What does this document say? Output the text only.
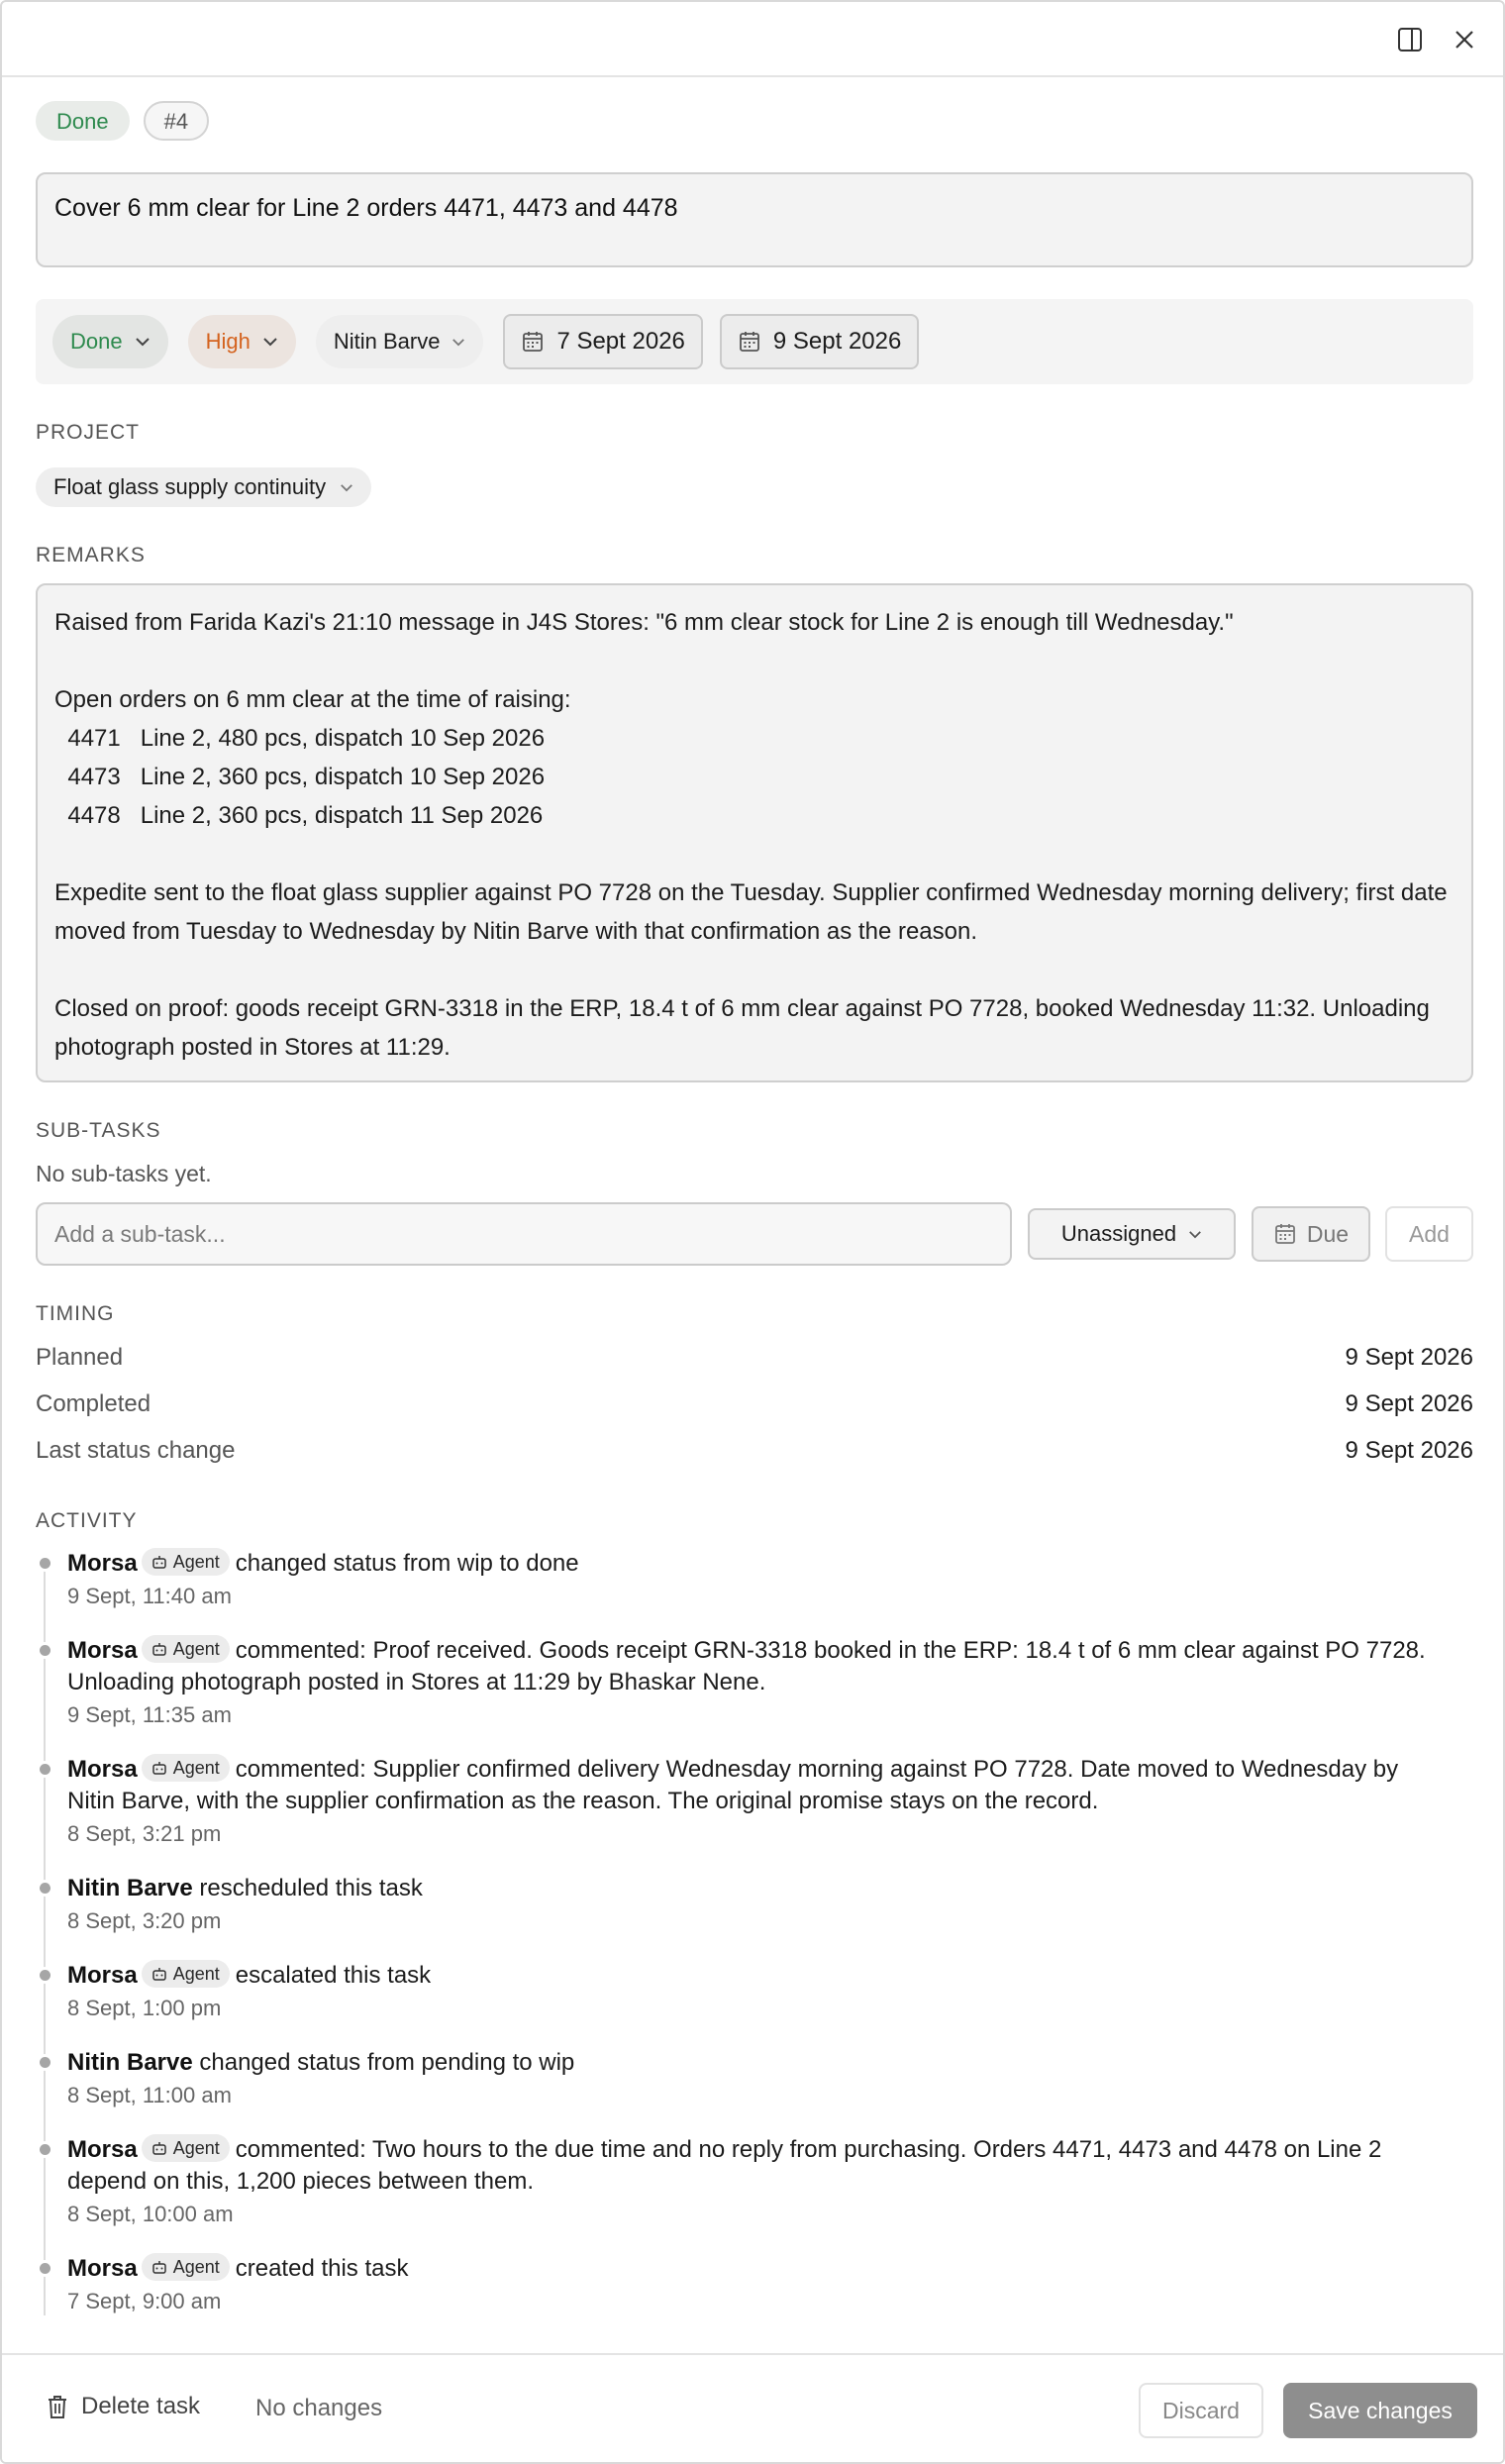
Done	#4
Cover 6 mm clear for Line 2 orders 4471, 4473 and 4478
Done	High	Nitin Barve	7 Sept 2026	9 Sept 2026
PROJECT
Float glass supply continuity
REMARKS
Raised from Farida Kazi's 21:10 message in J4S Stores: "6 mm clear stock for Line 2 is enough till Wednesday."

Open orders on 6 mm clear at the time of raising:
4471   Line 2, 480 pcs, dispatch 10 Sep 2026
4473   Line 2, 360 pcs, dispatch 10 Sep 2026
4478   Line 2, 360 pcs, dispatch 11 Sep 2026

Expedite sent to the float glass supplier against PO 7728 on the Tuesday. Supplier confirmed Wednesday morning delivery; first date moved from Tuesday to Wednesday by Nitin Barve with that confirmation as the reason.

Closed on proof: goods receipt GRN-3318 in the ERP, 18.4 t of 6 mm clear against PO 7728, booked Wednesday 11:32. Unloading photograph posted in Stores at 11:29.
SUB-TASKS
No sub-tasks yet.
Add a sub-task...
Unassigned	Due	Add
TIMING
Planned	9 Sept 2026
Completed	9 Sept 2026
Last status change	9 Sept 2026
ACTIVITY
Morsa Agent changed status from wip to done
9 Sept, 11:40 am
Morsa Agent commented: Proof received. Goods receipt GRN-3318 booked in the ERP: 18.4 t of 6 mm clear against PO 7728. Unloading photograph posted in Stores at 11:29 by Bhaskar Nene.
9 Sept, 11:35 am
Morsa Agent commented: Supplier confirmed delivery Wednesday morning against PO 7728. Date moved to Wednesday by Nitin Barve, with the supplier confirmation as the reason. The original promise stays on the record.
8 Sept, 3:21 pm
Nitin Barve rescheduled this task
8 Sept, 3:20 pm
Morsa Agent escalated this task
8 Sept, 1:00 pm
Nitin Barve changed status from pending to wip
8 Sept, 11:00 am
Morsa Agent commented: Two hours to the due time and no reply from purchasing. Orders 4471, 4473 and 4478 on Line 2 depend on this, 1,200 pieces between them.
8 Sept, 10:00 am
Morsa Agent created this task
7 Sept, 9:00 am
Delete task No changes	Discard	Save changes
